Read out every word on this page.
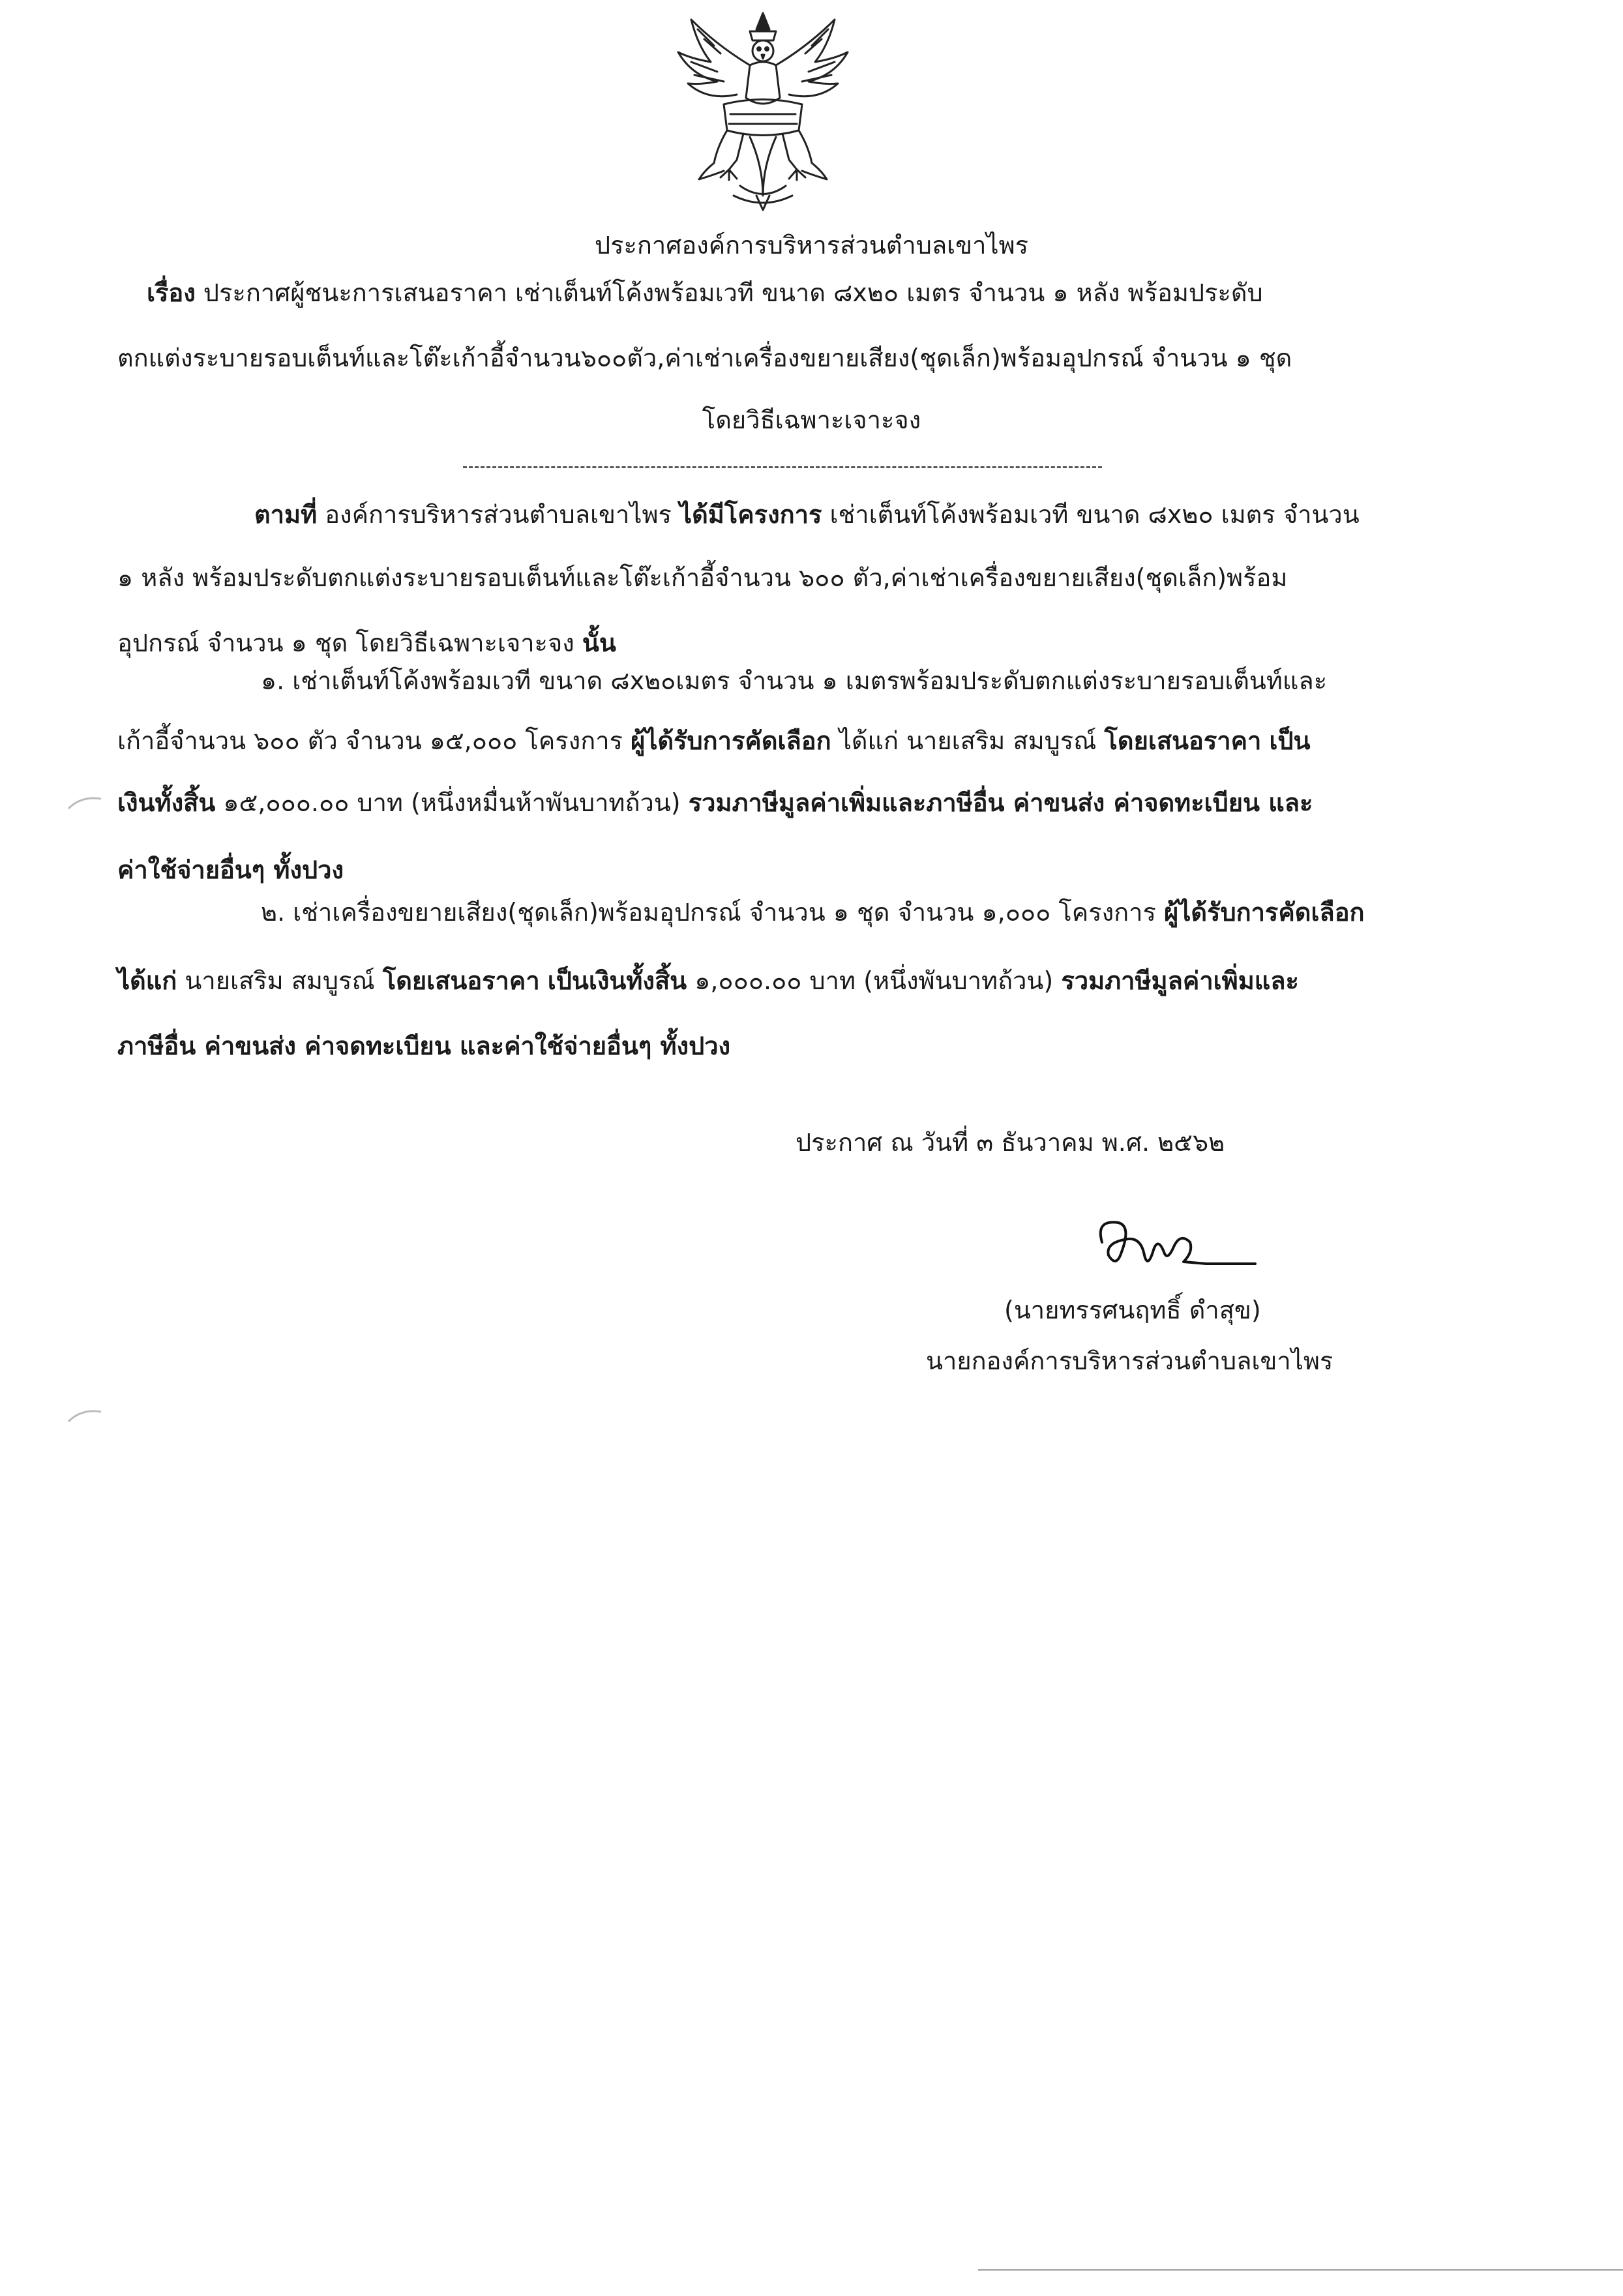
ประกาศองค์การบริหารส่วนตำบลเขาไพร
เรื่อง ประกาศผู้ชนะการเสนอราคา เช่าเต็นท์โค้งพร้อมเวที ขนาด ๘x๒๐ เมตร จำนวน ๑ หลัง พร้อมประดับ
ตกแต่งระบายรอบเต็นท์และโต๊ะเก้าอี้จำนวน๖๐๐ตัว,ค่าเช่าเครื่องขยายเสียง(ชุดเล็ก)พร้อมอุปกรณ์ จำนวน ๑ ชุด
โดยวิธีเฉพาะเจาะจง
ตามที่ องค์การบริหารส่วนตำบลเขาไพร ได้มีโครงการ เช่าเต็นท์โค้งพร้อมเวที ขนาด ๘x๒๐ เมตร จำนวน
๑ หลัง พร้อมประดับตกแต่งระบายรอบเต็นท์และโต๊ะเก้าอี้จำนวน ๖๐๐ ตัว,ค่าเช่าเครื่องขยายเสียง(ชุดเล็ก)พร้อม
อุปกรณ์ จำนวน ๑ ชุด โดยวิธีเฉพาะเจาะจง นั้น
๑. เช่าเต็นท์โค้งพร้อมเวที ขนาด ๘x๒๐เมตร จำนวน ๑ เมตรพร้อมประดับตกแต่งระบายรอบเต็นท์และ
เก้าอี้จำนวน ๖๐๐ ตัว จำนวน ๑๕,๐๐๐ โครงการ ผู้ได้รับการคัดเลือก ได้แก่ นายเสริม สมบูรณ์ โดยเสนอราคา เป็น
เงินทั้งสิ้น ๑๕,๐๐๐.๐๐ บาท (หนึ่งหมื่นห้าพันบาทถ้วน) รวมภาษีมูลค่าเพิ่มและภาษีอื่น ค่าขนส่ง ค่าจดทะเบียน และ
ค่าใช้จ่ายอื่นๆ ทั้งปวง
๒. เช่าเครื่องขยายเสียง(ชุดเล็ก)พร้อมอุปกรณ์ จำนวน ๑ ชุด จำนวน ๑,๐๐๐ โครงการ ผู้ได้รับการคัดเลือก
ได้แก่ นายเสริม สมบูรณ์ โดยเสนอราคา เป็นเงินทั้งสิ้น ๑,๐๐๐.๐๐ บาท (หนึ่งพันบาทถ้วน) รวมภาษีมูลค่าเพิ่มและ
ภาษีอื่น ค่าขนส่ง ค่าจดทะเบียน และค่าใช้จ่ายอื่นๆ ทั้งปวง
ประกาศ ณ วันที่ ๓ ธันวาคม พ.ศ. ๒๕๖๒
(นายทรรศนฤทธิ์ ดำสุข)
นายกองค์การบริหารส่วนตำบลเขาไพร
